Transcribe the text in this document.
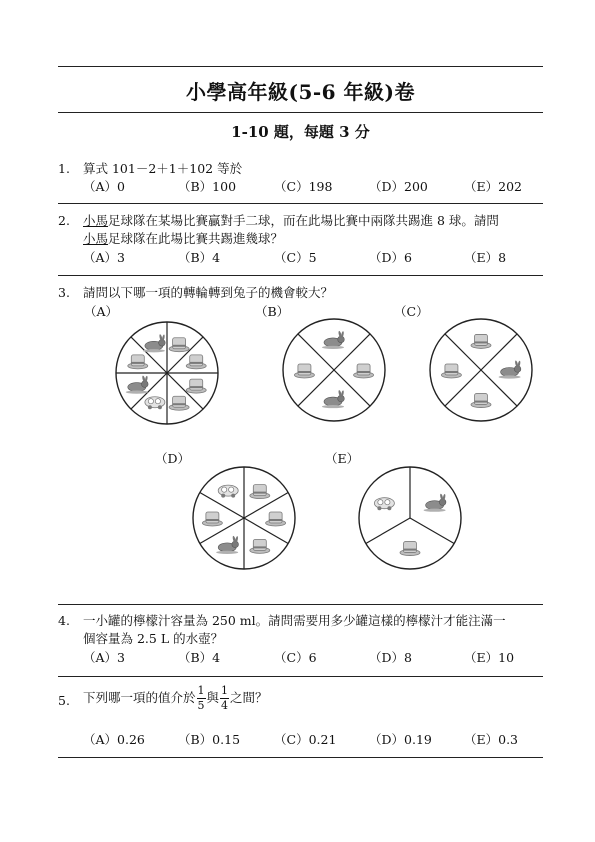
小學高年級(5-6 年級)卷
1-10 題，每題 3 分
1. 算式 101－2＋1＋102 等於
（A）0	（B）100	（C）198	（D）200	（E）202
2. 小馬足球隊在某場比賽贏對手二球，而在此場比賽中兩隊共踢進 8 球。請問
小馬足球隊在此場比賽共踢進幾球？
（A）3	（B）4	（C）5	（D）6	（E）8
3. 請問以下哪一項的轉輪轉到兔子的機會較大？
（A）	（B）	（C）
（D）	（E）
4. 一小罐的檸檬汁容量為 250 ml。請問需要用多少罐這樣的檸檬汁才能注滿一
個容量為 2.5 L 的水壺？
（A）3	（B）4	（C）6	（D）8	（E）10
5. 下列哪一項的值介於 $\frac{1}{5}$ 與 $\frac{1}{4}$ 之間？
（A）0.26	（B）0.15	（C）0.21	（D）0.19	（E）0.3
